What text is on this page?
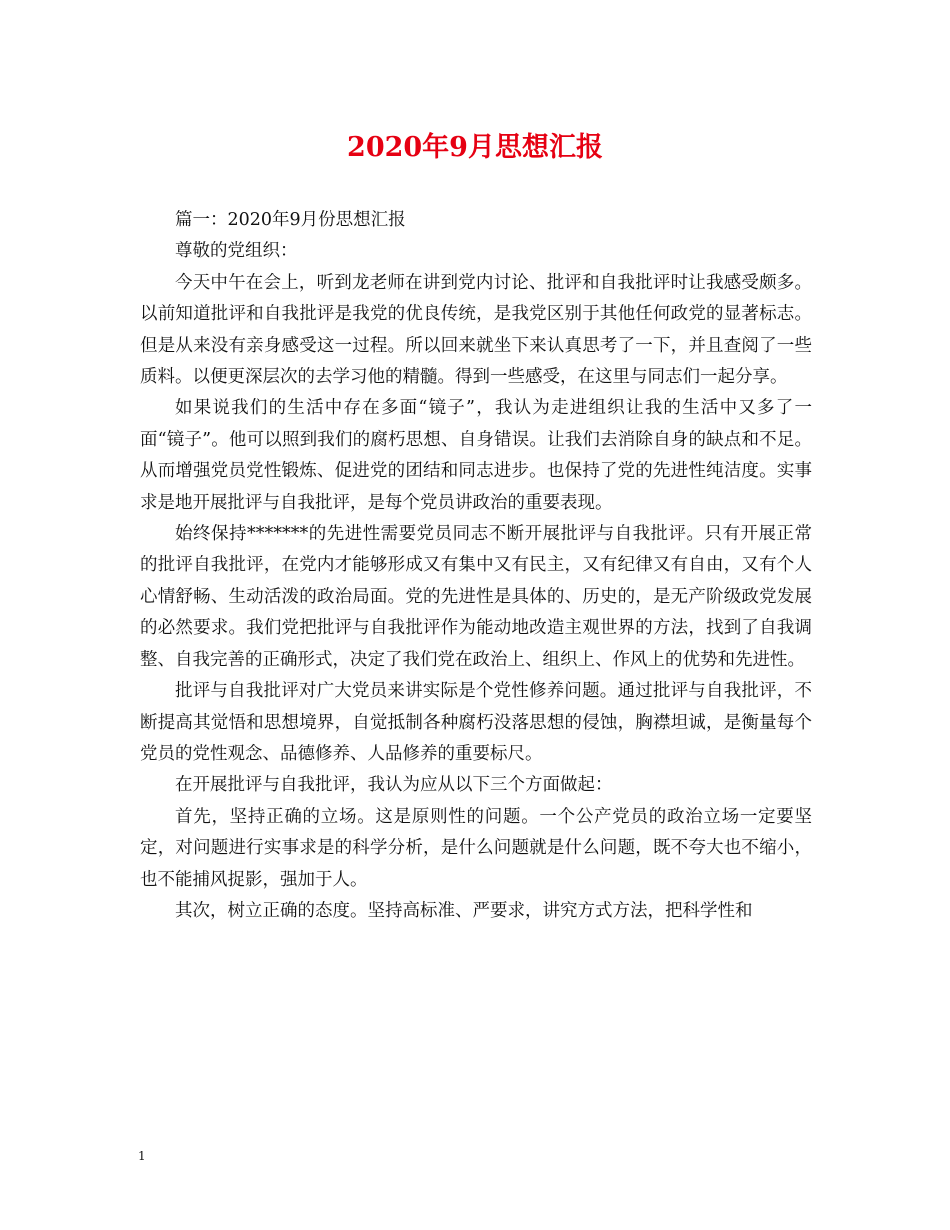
2020年9月思想汇报

篇一：2020年9月份思想汇报

尊敬的党组织：

今天中午在会上，听到龙老师在讲到党内讨论、批评和自我批评时让我感受颇多。以前知道批评和自我批评是我党的优良传统，是我党区别于其他任何政党的显著标志。但是从来没有亲身感受这一过程。所以回来就坐下来认真思考了一下，并且查阅了一些质料。以便更深层次的去学习他的精髓。得到一些感受，在这里与同志们一起分享。

如果说我们的生活中存在多面“镜子”，我认为走进组织让我的生活中又多了一面“镜子”。他可以照到我们的腐朽思想、自身错误。让我们去消除自身的缺点和不足。从而增强党员党性锻炼、促进党的团结和同志进步。也保持了党的先进性纯洁度。实事求是地开展批评与自我批评，是每个党员讲政治的重要表现。

始终保持*******的先进性需要党员同志不断开展批评与自我批评。只有开展正常的批评自我批评，在党内才能够形成又有集中又有民主，又有纪律又有自由，又有个人心情舒畅、生动活泼的政治局面。党的先进性是具体的、历史的，是无产阶级政党发展的必然要求。我们党把批评与自我批评作为能动地改造主观世界的方法，找到了自我调整、自我完善的正确形式，决定了我们党在政治上、组织上、作风上的优势和先进性。

批评与自我批评对广大党员来讲实际是个党性修养问题。通过批评与自我批评，不断提高其觉悟和思想境界，自觉抵制各种腐朽没落思想的侵蚀，胸襟坦诚，是衡量每个党员的党性观念、品德修养、人品修养的重要标尺。

在开展批评与自我批评，我认为应从以下三个方面做起：

首先，坚持正确的立场。这是原则性的问题。一个公产党员的政治立场一定要坚定，对问题进行实事求是的科学分析，是什么问题就是什么问题，既不夸大也不缩小，也不能捕风捉影，强加于人。

其次，树立正确的态度。坚持高标准、严要求，讲究方式方法，把科学性和

1
